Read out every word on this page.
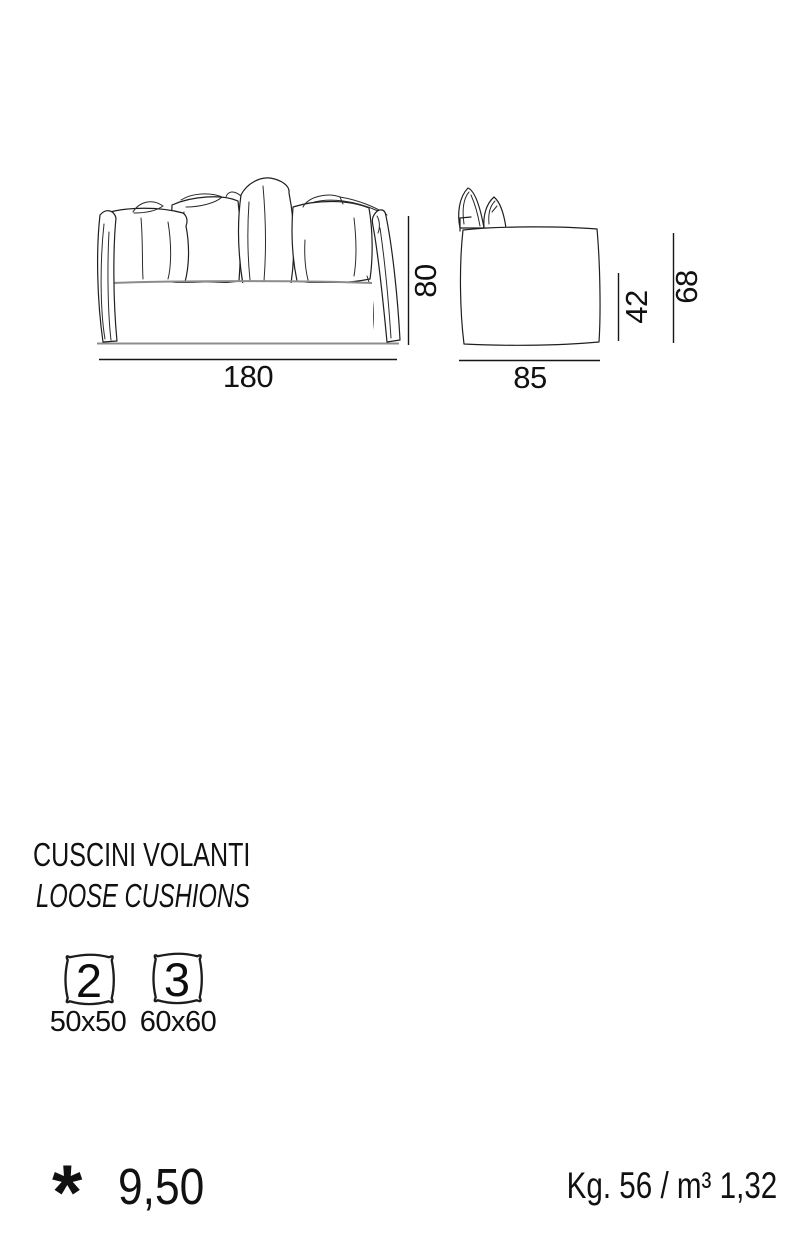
180
80
85
42
68
CUSCINI VOLANTI
LOOSE CUSHIONS
2
50x50
3
60x60
* 9,50	Kg. 56 / m³ 1,32
